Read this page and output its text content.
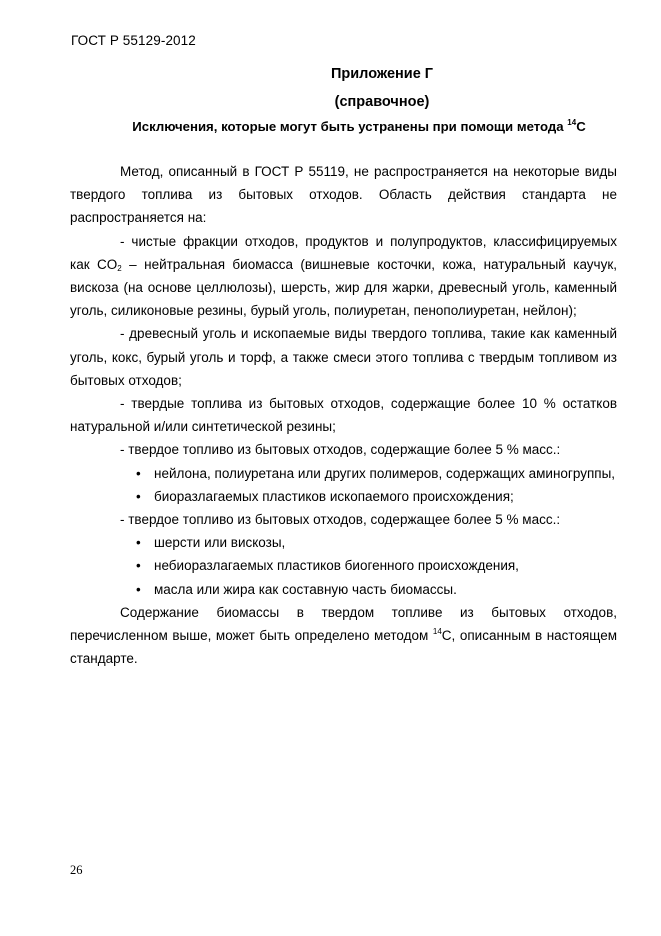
ГОСТ Р 55129-2012
Приложение Г
(справочное)
Исключения, которые могут быть устранены при помощи метода $^{14}$С

Метод, описанный в ГОСТ Р 55119, не распространяется на некоторые виды твердого топлива из бытовых отходов. Область действия стандарта не распространяется на:

- чистые фракции отходов, продуктов и полупродуктов, классифицируемых как $CO_2$ – нейтральная биомасса (вишневые косточки, кожа, натуральный каучук, вискоза (на основе целлюлозы), шерсть, жир для жарки, древесный уголь, каменный уголь, силиконовые резины, бурый уголь, полиуретан, пенополиуретан, нейлон);

- древесный уголь и ископаемые виды твердого топлива, такие как каменный уголь, кокс, бурый уголь и торф, а также смеси этого топлива с твердым топливом из бытовых отходов;

- твердые топлива из бытовых отходов, содержащие более 10 % остатков натуральной и/или синтетической резины;

- твердое топливо из бытовых отходов, содержащие более 5 % масс.:

• нейлона, полиуретана или других полимеров, содержащих аминогруппы,
• биоразлагаемых пластиков ископаемого происхождения;

- твердое топливо из бытовых отходов, содержащее более 5 % масс.:

• шерсти или вискозы,
• небиоразлагаемых пластиков биогенного происхождения,
• масла или жира как составную часть биомассы.

Содержание биомассы в твердом топливе из бытовых отходов, перечисленном выше, может быть определено методом $^{14}$С, описанным в настоящем стандарте.

26
